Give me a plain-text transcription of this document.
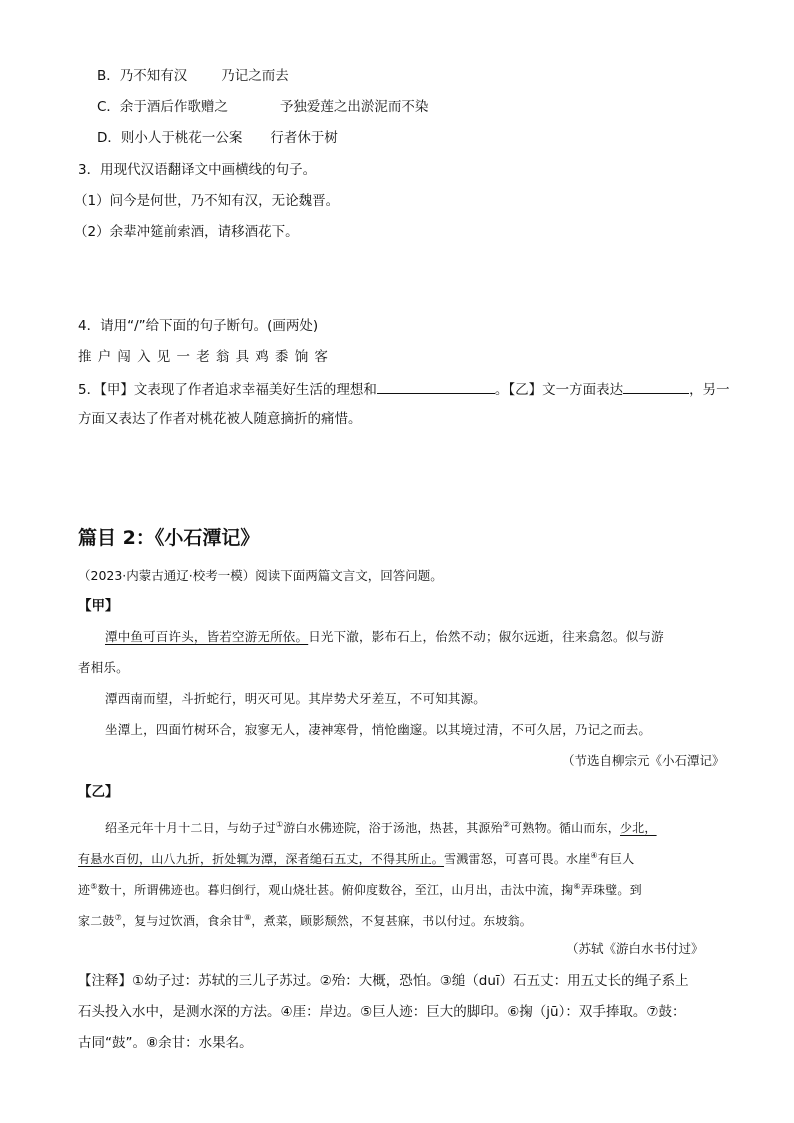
B．乃不知有汉	乃记之而去
C．余于酒后作歌赠之	予独爱莲之出淤泥而不染
D．则小人于桃花一公案 行者休于树
3．用现代汉语翻译文中画横线的句子。
（1）问今是何世，乃不知有汉，无论魏晋。
（2）余辈冲筵前索酒，请移酒花下。
4．请用“/”给下面的句子断句。(画两处)
推户闯入见一老翁具鸡黍饷客
5．【甲】文表现了作者追求幸福美好生活的理想和	。【乙】文一方面表达	，另一
方面又表达了作者对桃花被人随意摘折的痛惜。
篇目 2：《小石潭记》
（2023·内蒙古通辽·校考一模）阅读下面两篇文言文，回答问题。
【甲】
潭中鱼可百许头，皆若空游无所依。日光下澈，影布石上，佁然不动；俶尔远逝，往来翕忽。似与游
者相乐。
潭西南而望，斗折蛇行，明灭可见。其岸势犬牙差互，不可知其源。
坐潭上，四面竹树环合，寂寥无人，凄神寒骨，悄怆幽邃。以其境过清，不可久居，乃记之而去。
（节选自柳宗元《小石潭记》
【乙】
绍圣元年十月十二日，与幼子过①游白水佛迹院，浴于汤池，热甚，其源殆②可熟物。循山而东，少北，
有悬水百仞，山八九折，折处辄为潭，深者缒石五丈，不得其所止。雪溅雷怒，可喜可畏。水崖④有巨人
迹⑤数十，所谓佛迹也。暮归倒行，观山烧壮甚。俯仰度数谷，至江，山月出，击汰中流，掬⑥弄珠璧。到
家二鼓⑦，复与过饮酒，食余甘⑧，煮菜，顾影颓然，不复甚寐，书以付过。东坡翁。
（苏轼《游白水书付过》
【注释】①幼子过：苏轼的三儿子苏过。②殆：大概，恐怕。③缒（duī）石五丈：用五丈长的绳子系上
石头投入水中，是测水深的方法。④厓：岸边。⑤巨人迹：巨大的脚印。⑥掬（jū）：双手捧取。⑦鼓：
古同“鼓”。⑧余甘：水果名。
